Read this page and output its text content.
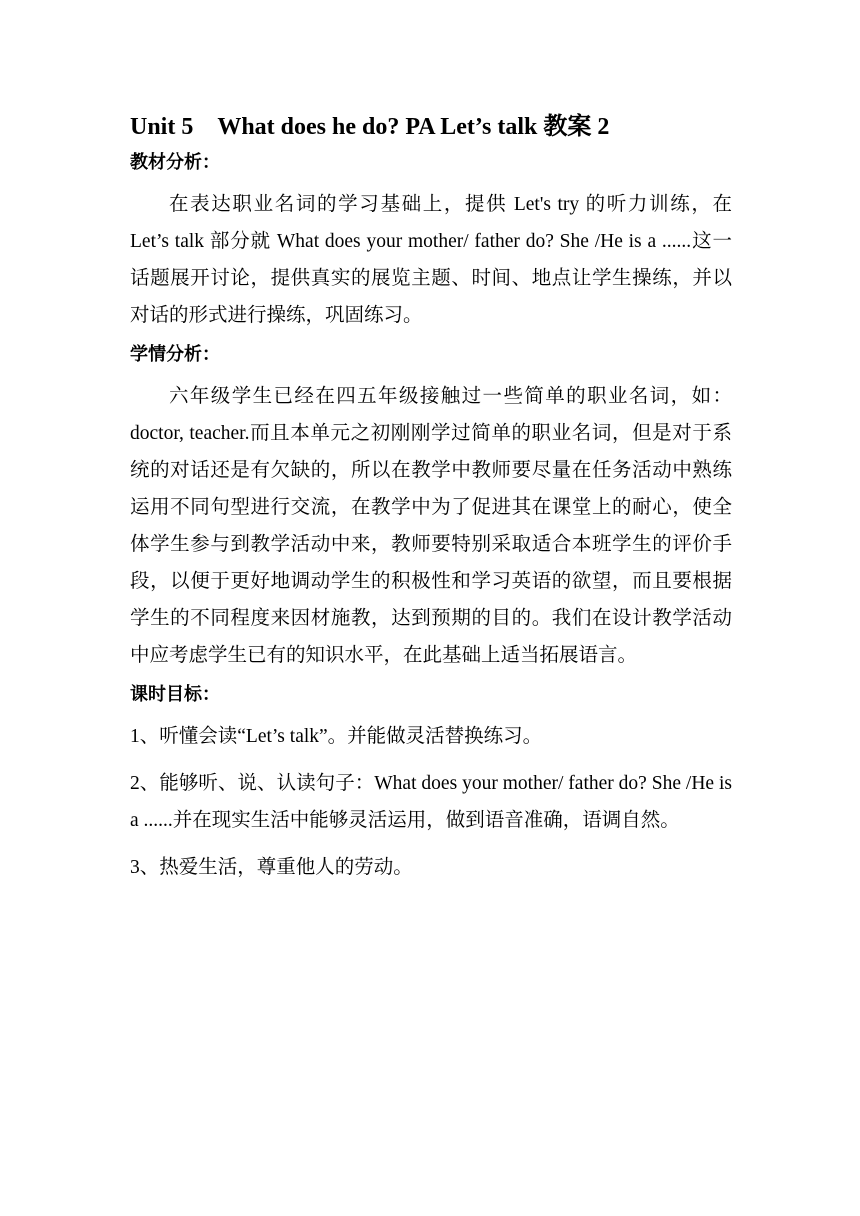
Unit 5　What does he do? PA Let’s talk 教案 2
教材分析：

在表达职业名词的学习基础上，提供 Let's try 的听力训练，在 Let’s talk 部分就 What does your mother/ father do? She /He is a ......这一话题展开讨论，提供真实的展览主题、时间、地点让学生操练，并以对话的形式进行操练，巩固练习。

学情分析：

六年级学生已经在四五年级接触过一些简单的职业名词，如：doctor, teacher.而且本单元之初刚刚学过简单的职业名词，但是对于系统的对话还是有欠缺的，所以在教学中教师要尽量在任务活动中熟练运用不同句型进行交流，在教学中为了促进其在课堂上的耐心，使全体学生参与到教学活动中来，教师要特别采取适合本班学生的评价手段，以便于更好地调动学生的积极性和学习英语的欲望，而且要根据学生的不同程度来因材施教，达到预期的目的。我们在设计教学活动中应考虑学生已有的知识水平，在此基础上适当拓展语言。

课时目标：

1、听懂会读“Let’s talk”。并能做灵活替换练习。

2、能够听、说、认读句子：What does your mother/ father do? She /He is a ......并在现实生活中能够灵活运用，做到语音准确，语调自然。

3、热爱生活，尊重他人的劳动。
